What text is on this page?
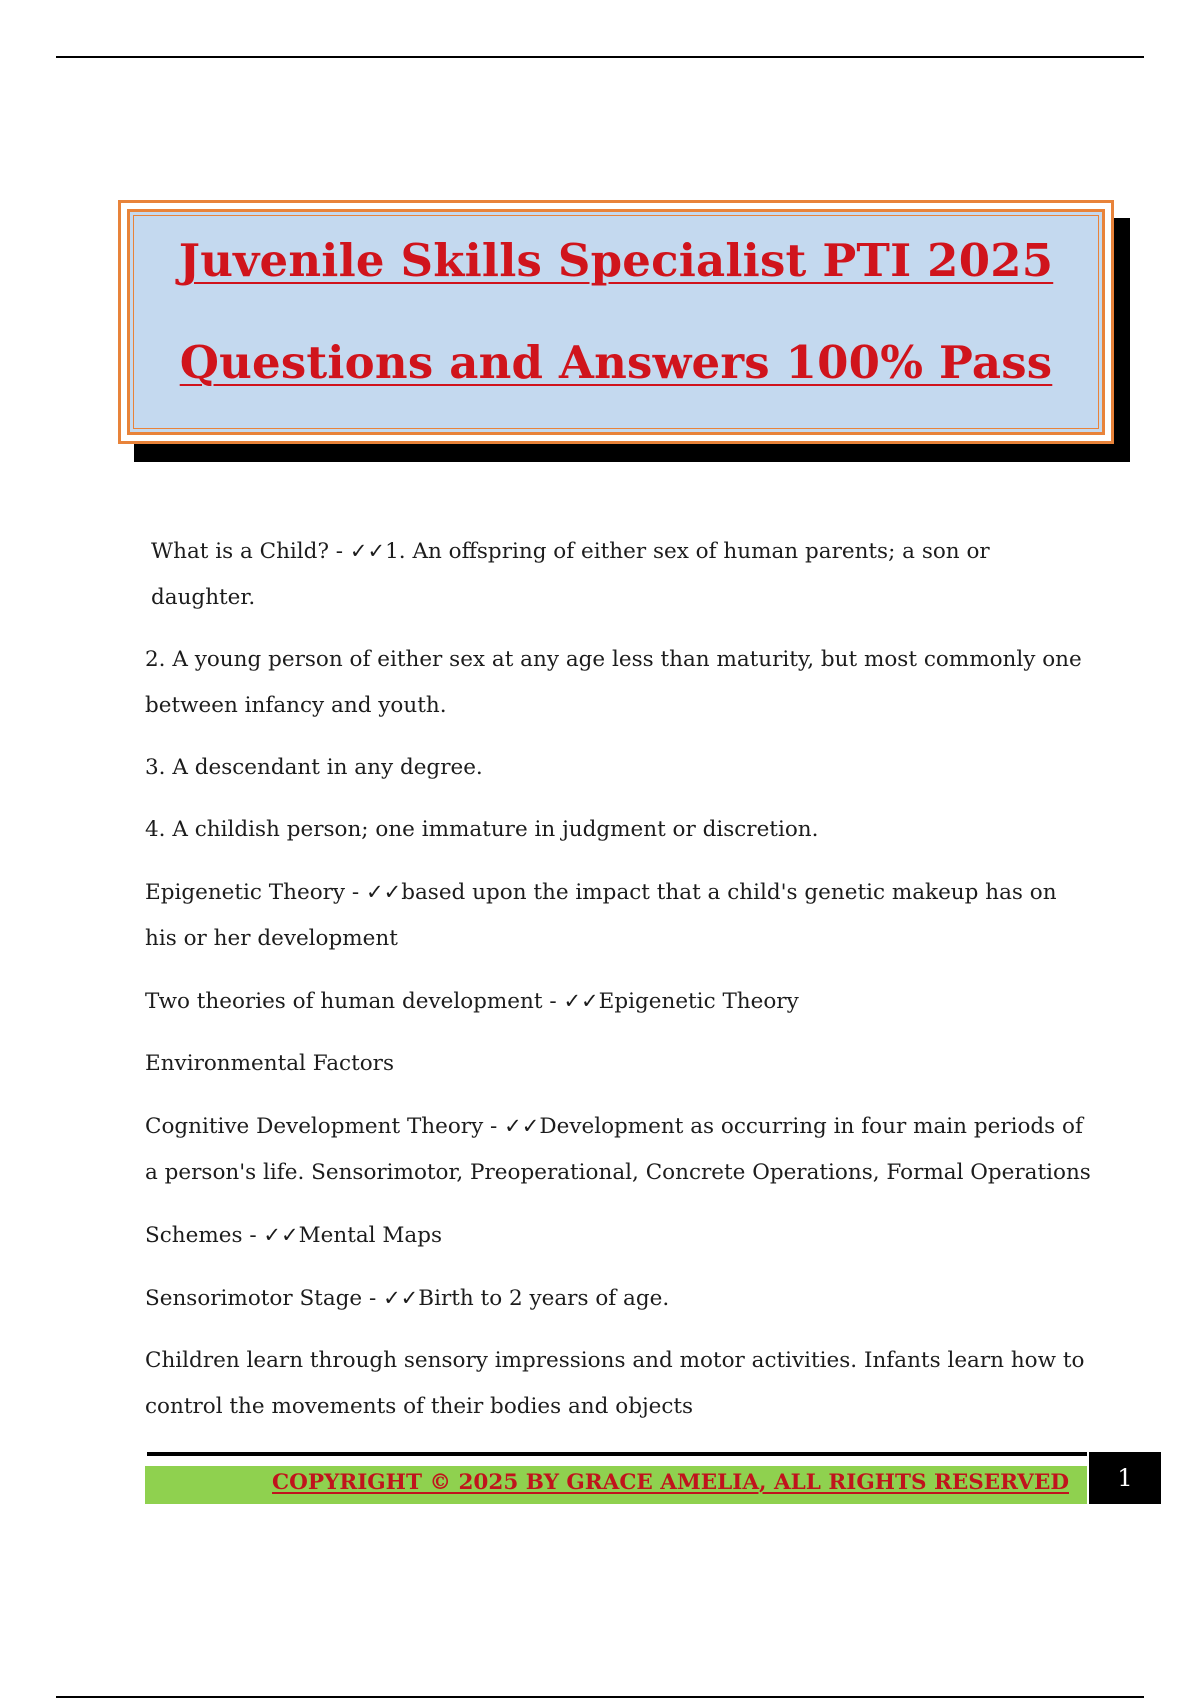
Juvenile Skills Specialist PTI 2025
Questions and Answers 100% Pass

What is a Child? - ✓✓1. An offspring of either sex of human parents; a son or daughter.

2. A young person of either sex at any age less than maturity, but most commonly one between infancy and youth.

3. A descendant in any degree.

4. A childish person; one immature in judgment or discretion.

Epigenetic Theory - ✓✓based upon the impact that a child's genetic makeup has on his or her development

Two theories of human development - ✓✓Epigenetic Theory

Environmental Factors

Cognitive Development Theory - ✓✓Development as occurring in four main periods of a person's life. Sensorimotor, Preoperational, Concrete Operations, Formal Operations

Schemes - ✓✓Mental Maps

Sensorimotor Stage - ✓✓Birth to 2 years of age.

Children learn through sensory impressions and motor activities. Infants learn how to control the movements of their bodies and objects

COPYRIGHT © 2025 BY GRACE AMELIA, ALL RIGHTS RESERVED	1
